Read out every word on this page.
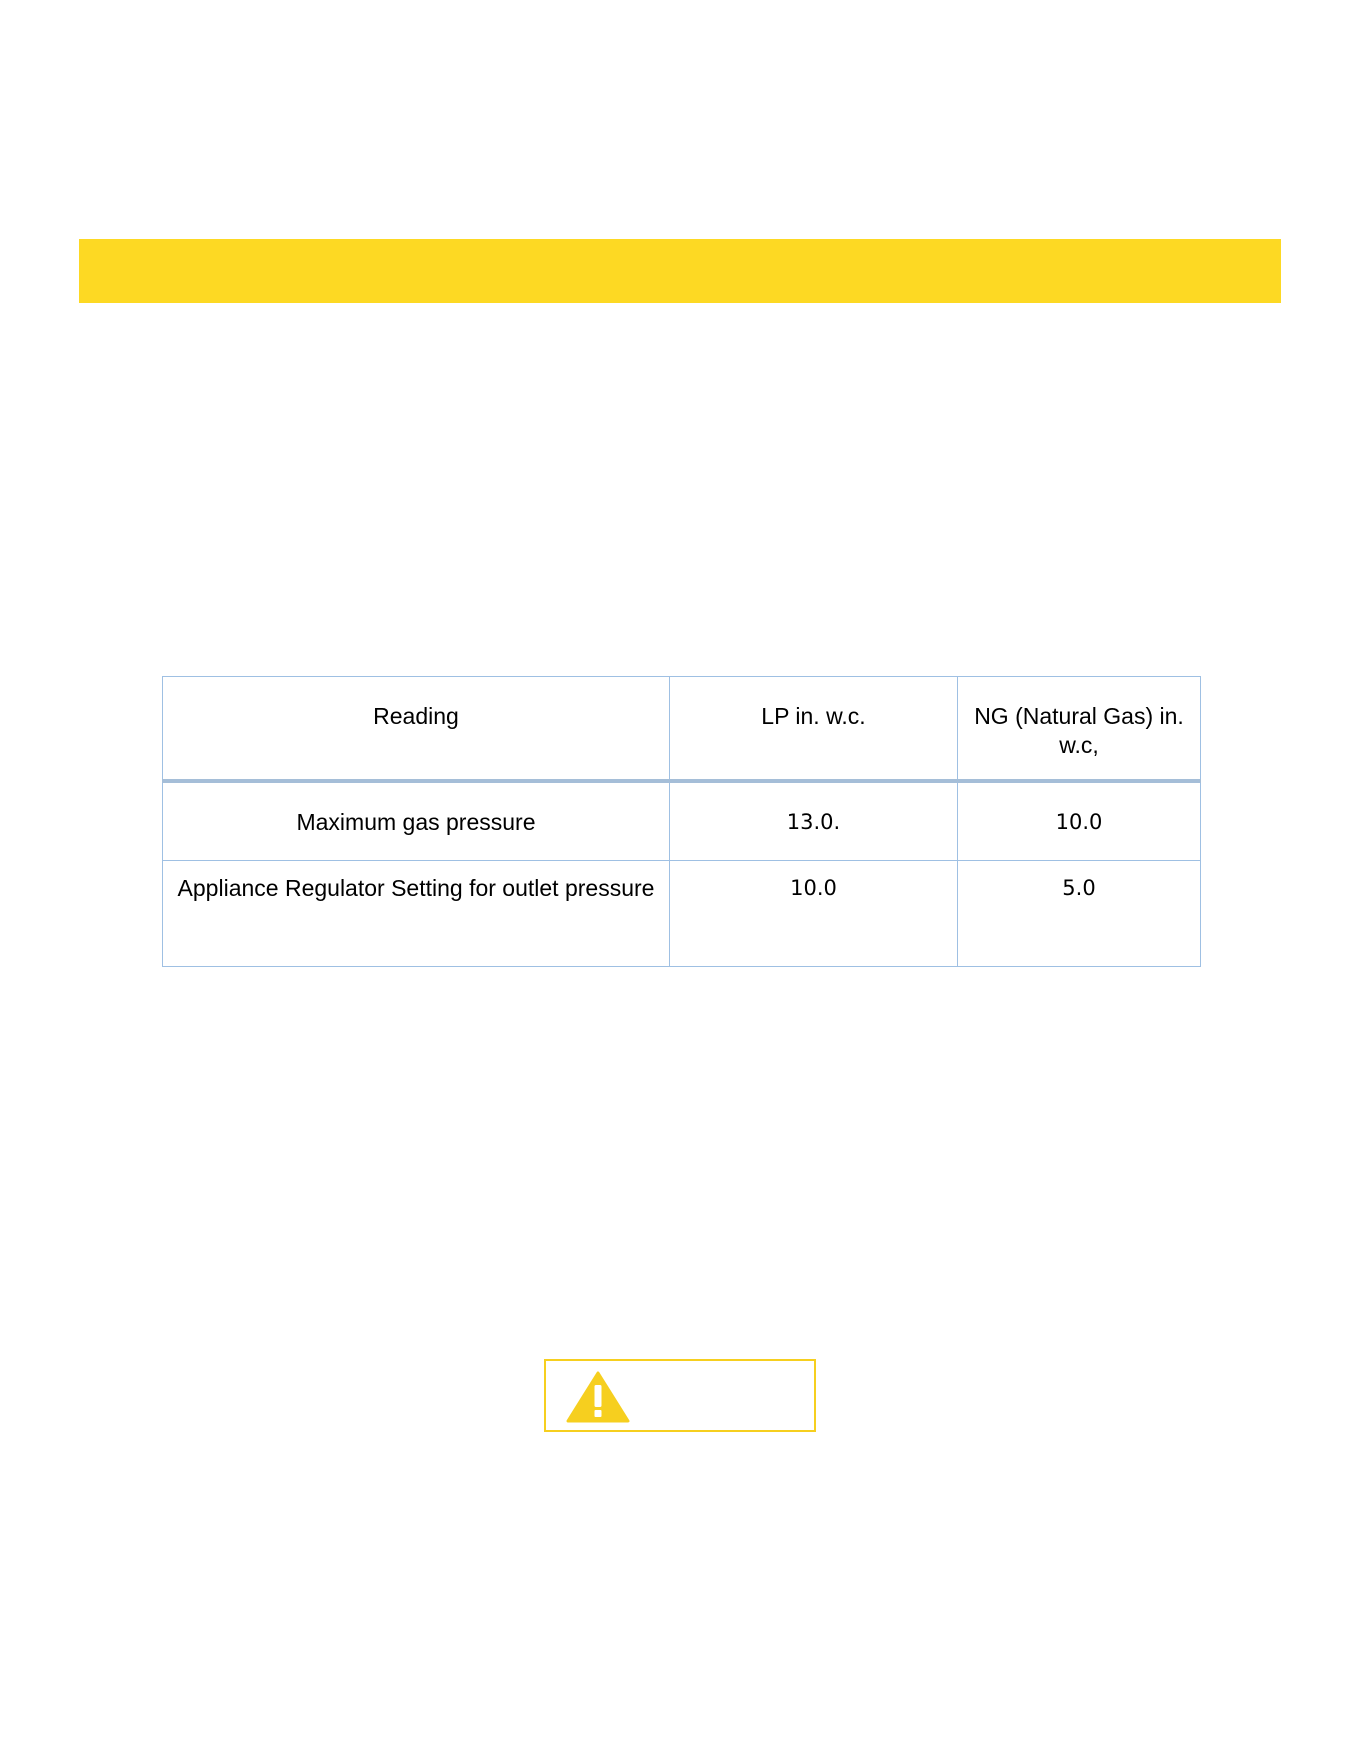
Reading	LP in. w.c.	NG (Natural Gas) in. w.c,
Maximum gas pressure	13.0.	10.0
Appliance Regulator Setting for outlet pressure	10.0	5.0
